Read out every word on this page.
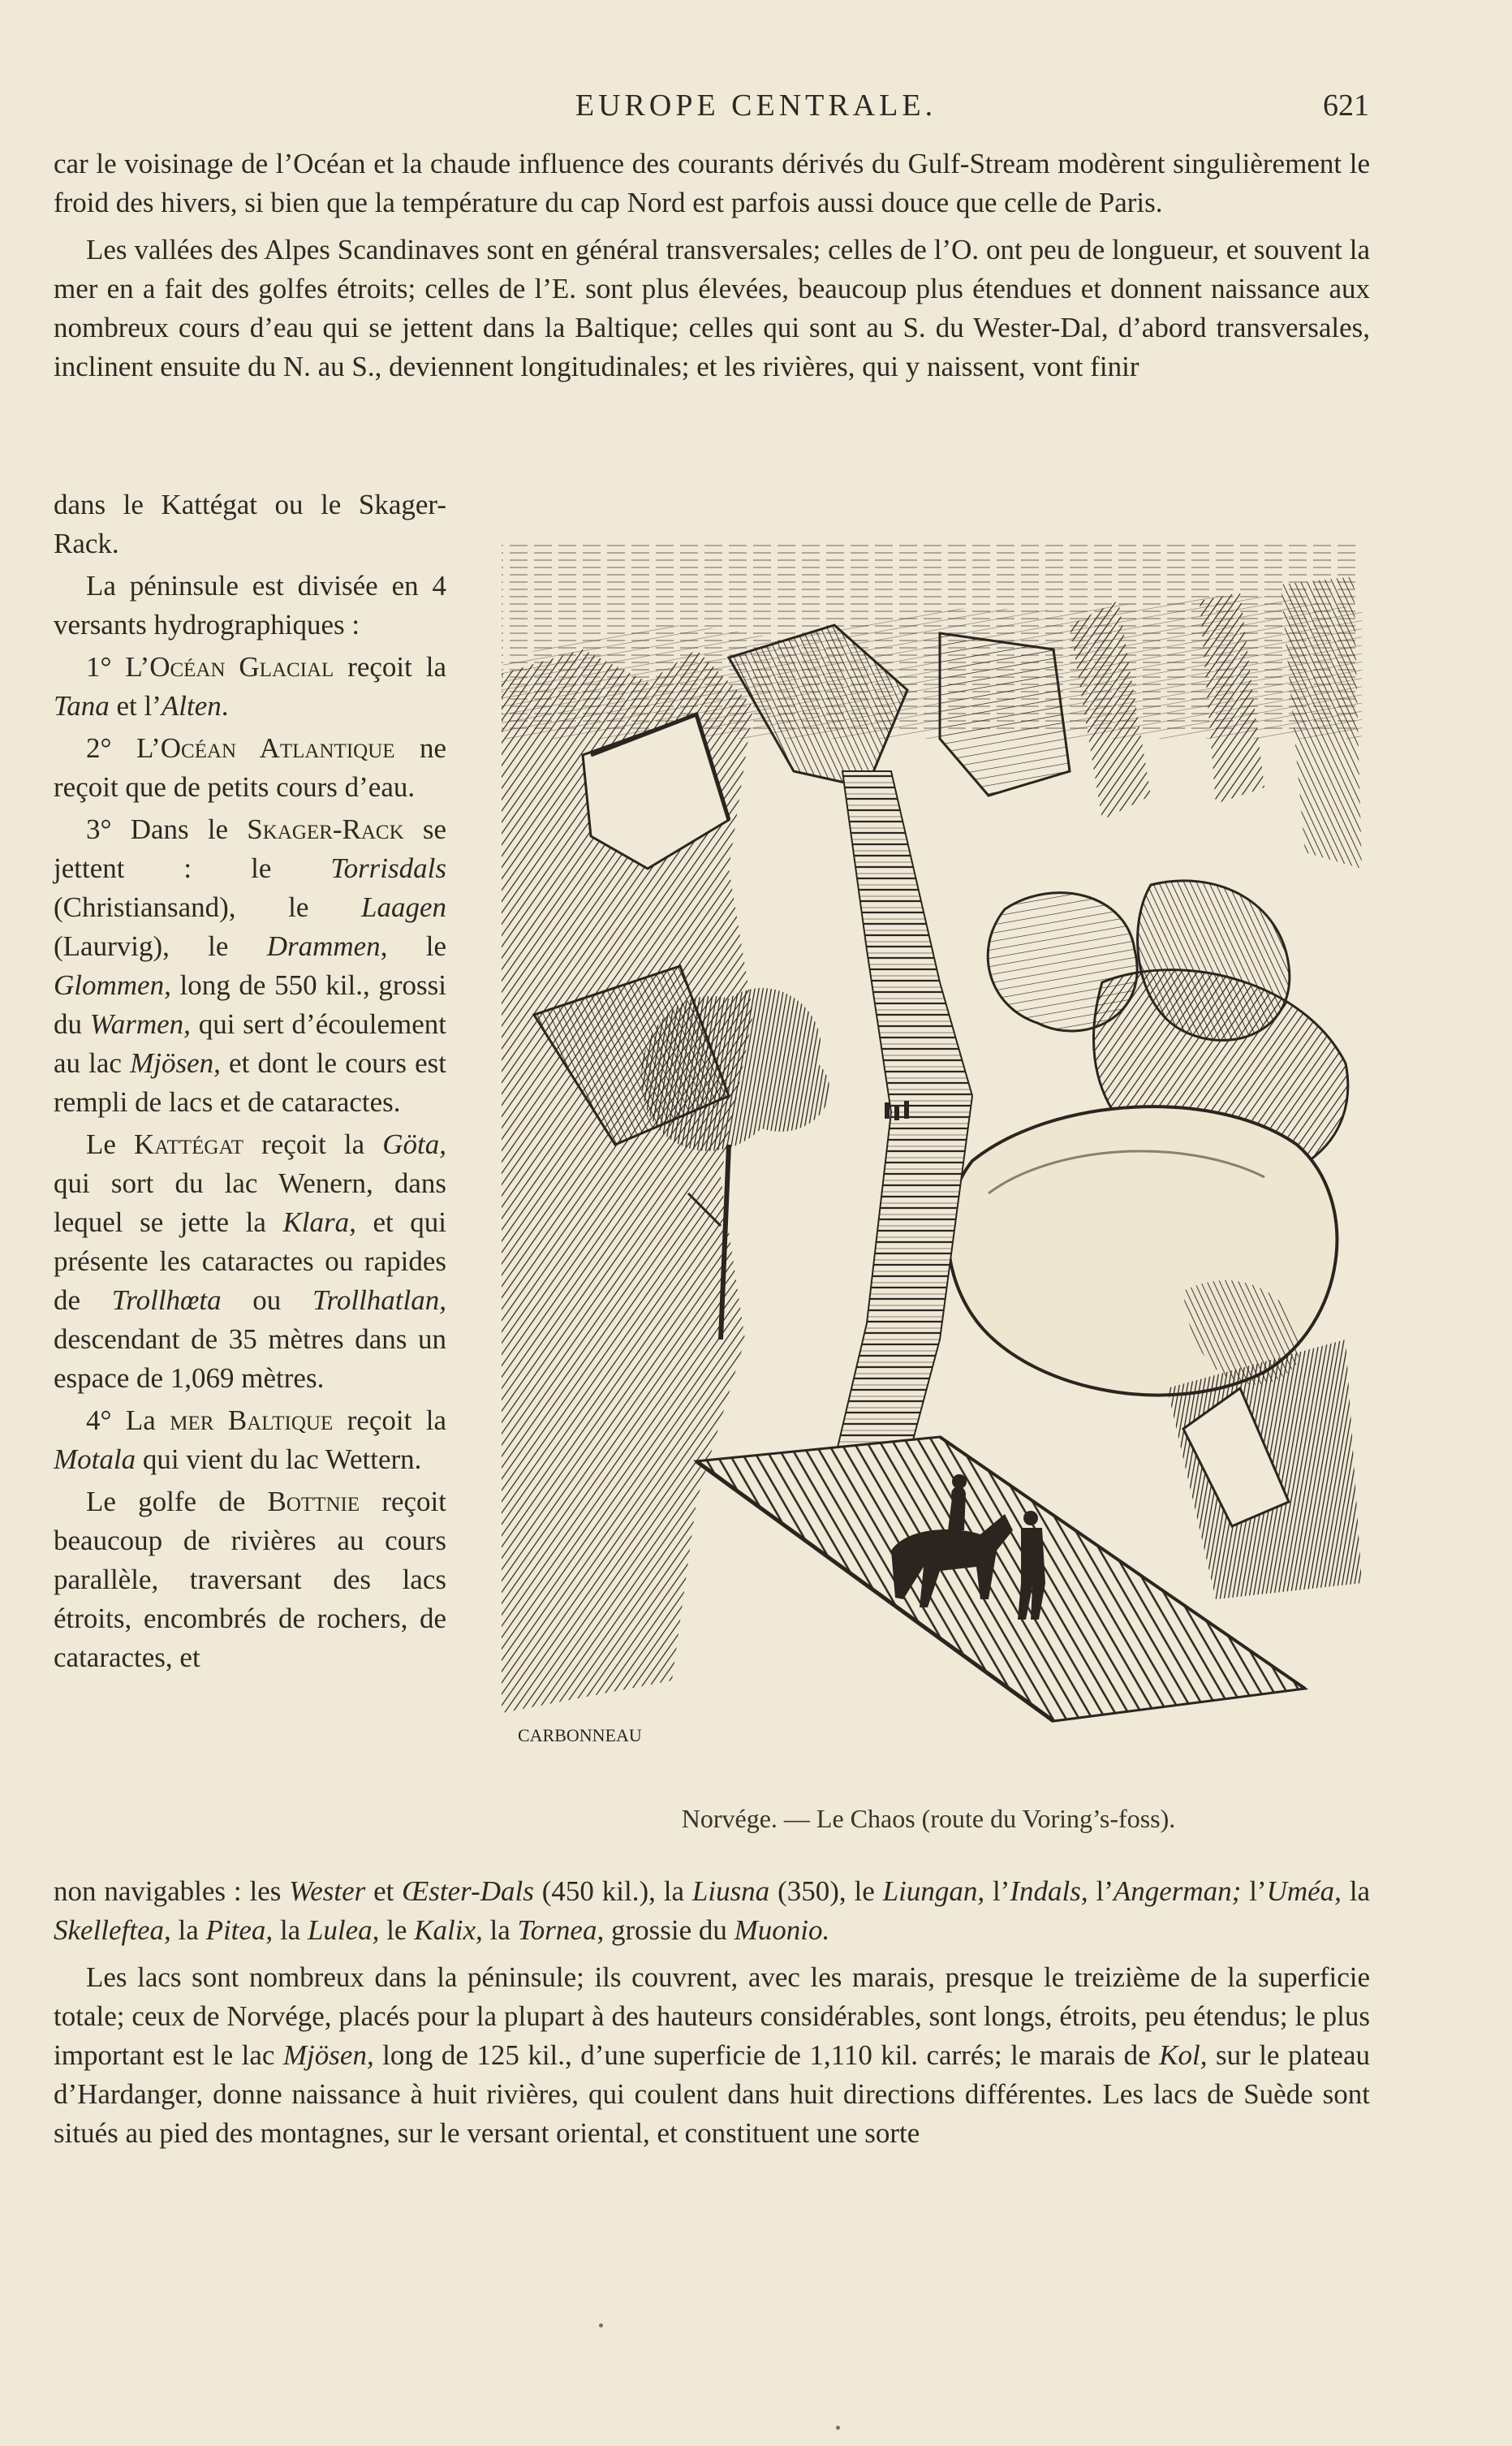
EUROPE CENTRALE.	621

car le voisinage de l’Océan et la chaude influence des courants dérivés du Gulf-Stream modèrent singulièrement le froid des hivers, si bien que la température du cap Nord est parfois aussi douce que celle de Paris.

Les vallées des Alpes Scandinaves sont en général transversales; celles de l’O. ont peu de longueur, et souvent la mer en a fait des golfes étroits; celles de l’E. sont plus élevées, beaucoup plus étendues et donnent naissance aux nombreux cours d’eau qui se jettent dans la Baltique; celles qui sont au S. du Wester-Dal, d’abord transversales, inclinent ensuite du N. au S., deviennent longitudinales; et les rivières, qui y naissent, vont finir

dans le Kattégat ou le Skager-Rack.

La péninsule est divisée en 4 versants hydrographiques :

1° L’Océan Glacial reçoit la Tana et l’Alten.

2° L’Océan Atlantique ne reçoit que de petits cours d’eau.

3° Dans le Skager-Rack se jettent : le Torrisdals (Christiansand), le Laagen (Laurvig), le Drammen, le Glommen, long de 550 kil., grossi du Warmen, qui sert d’écoulement au lac Mjösen, et dont le cours est rempli de lacs et de cataractes.

Le Kattégat reçoit la Göta, qui sort du lac Wenern, dans lequel se jette la Klara, et qui présente les cataractes ou rapides de Trollhœta ou Trollhatlan, descendant de 35 mètres dans un espace de 1,069 mètres.

4° La mer Baltique reçoit la Motala qui vient du lac Wettern.

Le golfe de Bottnie reçoit beaucoup de rivières au cours parallèle, traversant des lacs étroits, encombrés de rochers, de cataractes, et

CARBONNEAU
Norvége. — Le Chaos (route du Voring’s-foss).

non navigables : les Wester et Œster-Dals (450 kil.), la Liusna (350), le Liungan, l’Indals, l’Angerman; l’Uméa, la Skelleftea, la Pitea, la Lulea, le Kalix, la Tornea, grossie du Muonio.

Les lacs sont nombreux dans la péninsule; ils couvrent, avec les marais, presque le treizième de la superficie totale; ceux de Norvége, placés pour la plupart à des hauteurs considérables, sont longs, étroits, peu étendus; le plus important est le lac Mjösen, long de 125 kil., d’une superficie de 1,110 kil. carrés; le marais de Kol, sur le plateau d’Hardanger, donne naissance à huit rivières, qui coulent dans huit directions différentes. Les lacs de Suède sont situés au pied des montagnes, sur le versant oriental, et constituent une sorte
